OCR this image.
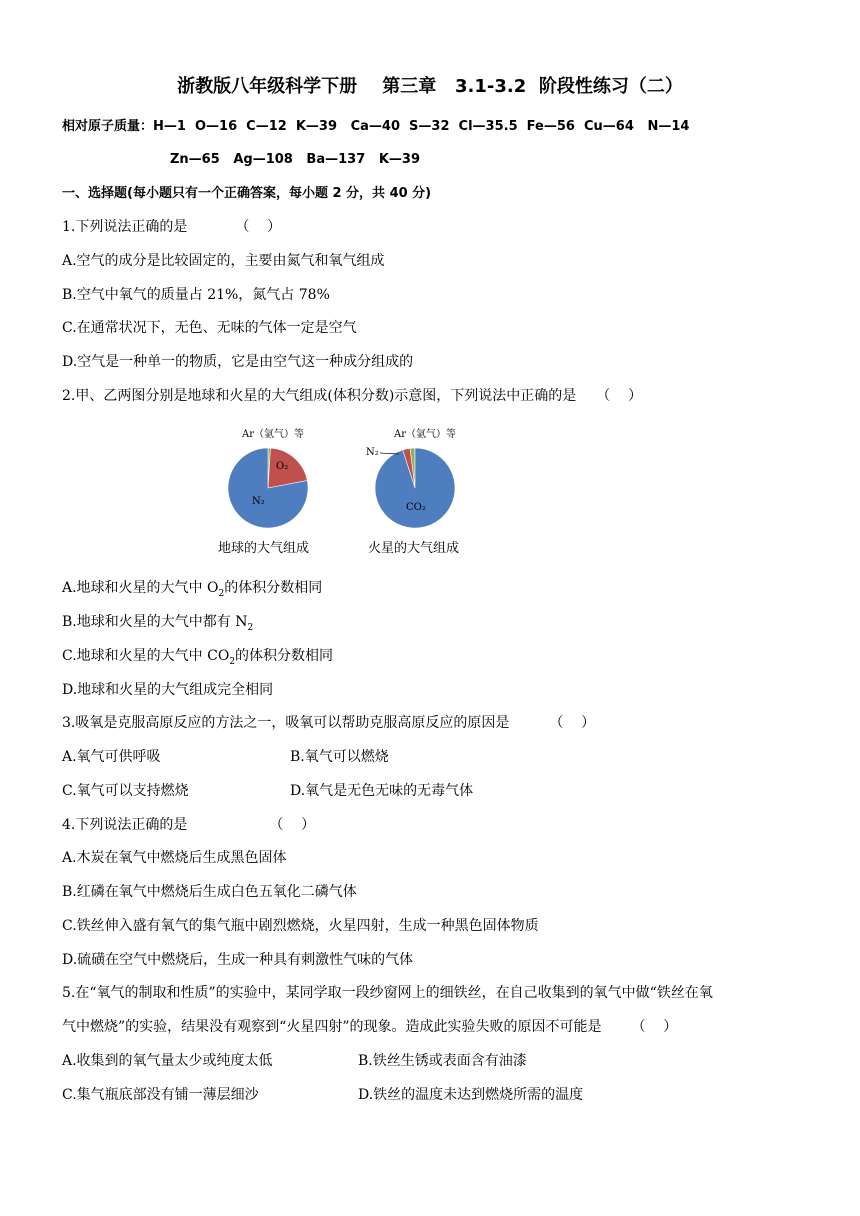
浙教版八年级科学下册    第三章   3.1-3.2  阶段性练习（二）
相对原子质量：H—1  O—16  C—12  K—39   Ca—40  S—32  Cl—35.5  Fe—56  Cu—64   N—14
Zn—65   Ag—108   Ba—137   K—39
一、选择题(每小题只有一个正确答案，每小题 2 分，共 40 分)
1.下列说法正确的是	（    ）
A.空气的成分是比较固定的，主要由氮气和氧气组成
B.空气中氧气的质量占 21%，氮气占 78%
C.在通常状况下，无色、无味的气体一定是空气
D.空气是一种单一的物质，它是由空气这一种成分组成的
2.甲、乙两图分别是地球和火星的大气组成(体积分数)示意图，下列说法中正确的是 （    ）
Ar（氩气）等
O₂
N₂
地球的大气组成
Ar（氩气）等
N₂
CO₂
火星的大气组成
A.地球和火星的大气中 $O_2$的体积分数相同
B.地球和火星的大气中都有 $N_2$
C.地球和火星的大气中 $CO_2$的体积分数相同
D.地球和火星的大气组成完全相同
3.吸氧是克服高原反应的方法之一，吸氧可以帮助克服高原反应的原因是	（    ）
A.氧气可供呼吸	B.氧气可以燃烧
C.氧气可以支持燃烧	D.氧气是无色无味的无毒气体
4.下列说法正确的是	（    ）
A.木炭在氧气中燃烧后生成黑色固体
B.红磷在氧气中燃烧后生成白色五氧化二磷气体
C.铁丝伸入盛有氧气的集气瓶中剧烈燃烧，火星四射，生成一种黑色固体物质
D.硫磺在空气中燃烧后，生成一种具有刺激性气味的气体
5.在“氧气的制取和性质”的实验中，某同学取一段纱窗网上的细铁丝，在自己收集到的氧气中做“铁丝在氧
气中燃烧”的实验，结果没有观察到“火星四射”的现象。造成此实验失败的原因不可能是 （    ）
A.收集到的氧气量太少或纯度太低	B.铁丝生锈或表面含有油漆
C.集气瓶底部没有铺一薄层细沙	D.铁丝的温度未达到燃烧所需的温度
